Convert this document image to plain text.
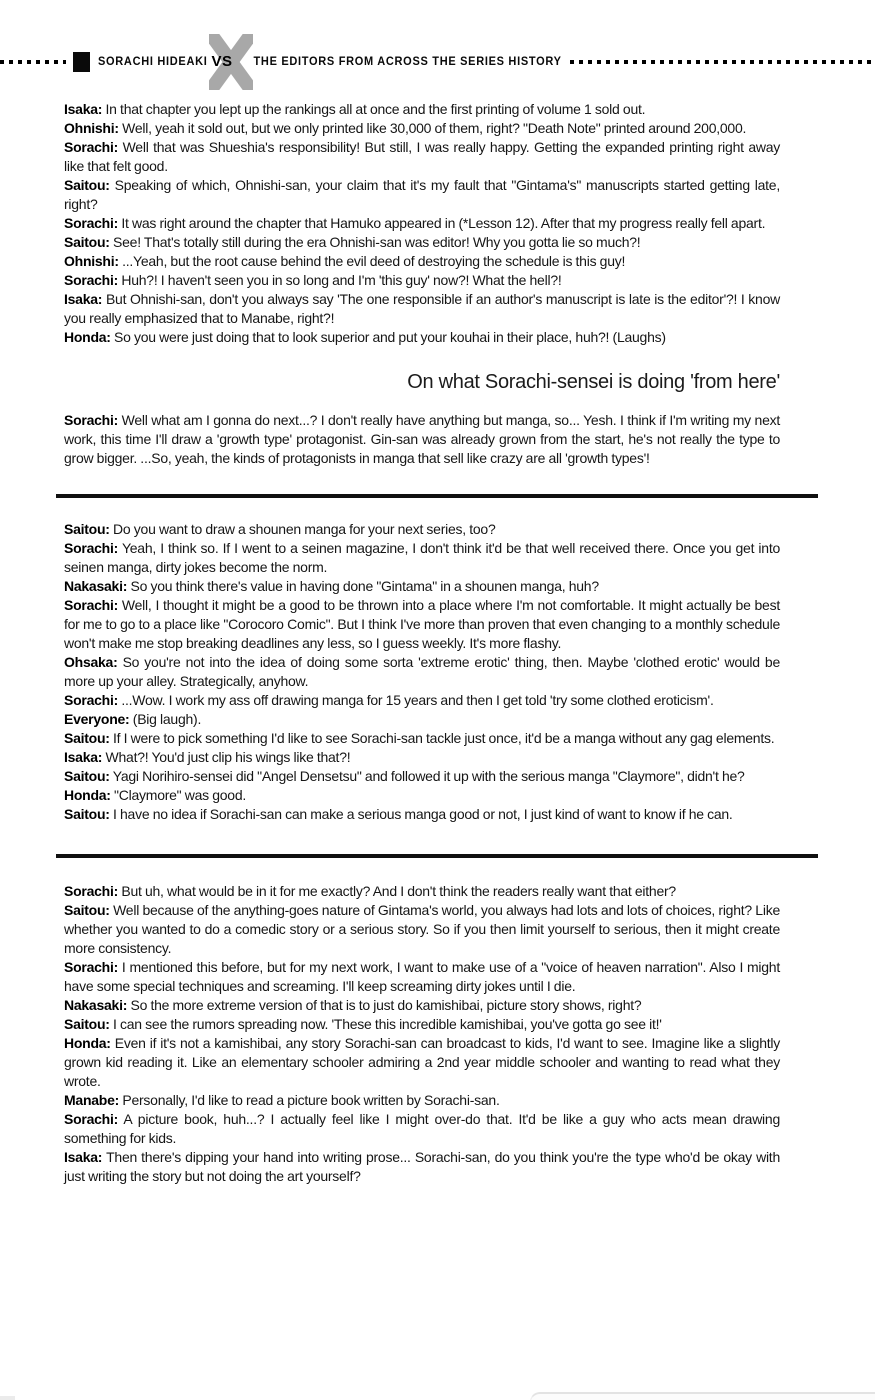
SORACHI HIDEAKI VS THE EDITORS FROM ACROSS THE SERIES HISTORY

Isaka: In that chapter you lept up the rankings all at once and the first printing of volume 1 sold out.

Ohnishi: Well, yeah it sold out, but we only printed like 30,000 of them, right? "Death Note" printed around 200,000.

Sorachi: Well that was Shueshia's responsibility! But still, I was really happy. Getting the expanded printing right away like that felt good.

Saitou: Speaking of which, Ohnishi-san, your claim that it's my fault that "Gintama's" manuscripts started getting late, right?

Sorachi: It was right around the chapter that Hamuko appeared in (*Lesson 12). After that my progress really fell apart.

Saitou: See! That's totally still during the era Ohnishi-san was editor! Why you gotta lie so much?!

Ohnishi: ...Yeah, but the root cause behind the evil deed of destroying the schedule is this guy!

Sorachi: Huh?! I haven't seen you in so long and I'm 'this guy' now?! What the hell?!

Isaka: But Ohnishi-san, don't you always say 'The one responsible if an author's manuscript is late is the editor'?! I know you really emphasized that to Manabe, right?!

Honda: So you were just doing that to look superior and put your kouhai in their place, huh?! (Laughs)

On what Sorachi-sensei is doing 'from here'

Sorachi: Well what am I gonna do next...? I don't really have anything but manga, so... Yesh. I think if I'm writing my next work, this time I'll draw a 'growth type' protagonist. Gin-san was already grown from the start, he's not really the type to grow bigger. ...So, yeah, the kinds of protagonists in manga that sell like crazy are all 'growth types'!

Saitou: Do you want to draw a shounen manga for your next series, too?

Sorachi: Yeah, I think so. If I went to a seinen magazine, I don't think it'd be that well received there. Once you get into seinen manga, dirty jokes become the norm.

Nakasaki: So you think there's value in having done "Gintama" in a shounen manga, huh?

Sorachi: Well, I thought it might be a good to be thrown into a place where I'm not comfortable. It might actually be best for me to go to a place like "Corocoro Comic". But I think I've more than proven that even changing to a monthly schedule won't make me stop breaking deadlines any less, so I guess weekly. It's more flashy.

Ohsaka: So you're not into the idea of doing some sorta 'extreme erotic' thing, then. Maybe 'clothed erotic' would be more up your alley. Strategically, anyhow.

Sorachi: ...Wow. I work my ass off drawing manga for 15 years and then I get told 'try some clothed eroticism'.

Everyone: (Big laugh).

Saitou: If I were to pick something I'd like to see Sorachi-san tackle just once, it'd be a manga without any gag elements.

Isaka: What?! You'd just clip his wings like that?!

Saitou: Yagi Norihiro-sensei did "Angel Densetsu" and followed it up with the serious manga "Claymore", didn't he?

Honda: "Claymore" was good.

Saitou: I have no idea if Sorachi-san can make a serious manga good or not, I just kind of want to know if he can.

Sorachi: But uh, what would be in it for me exactly? And I don't think the readers really want that either?

Saitou: Well because of the anything-goes nature of Gintama's world, you always had lots and lots of choices, right? Like whether you wanted to do a comedic story or a serious story. So if you then limit yourself to serious, then it might create more consistency.

Sorachi: I mentioned this before, but for my next work, I want to make use of a "voice of heaven narration". Also I might have some special techniques and screaming. I'll keep screaming dirty jokes until I die.

Nakasaki: So the more extreme version of that is to just do kamishibai, picture story shows, right?

Saitou: I can see the rumors spreading now. 'These this incredible kamishibai, you've gotta go see it!'

Honda: Even if it's not a kamishibai, any story Sorachi-san can broadcast to kids, I'd want to see. Imagine like a slightly grown kid reading it. Like an elementary schooler admiring a 2nd year middle schooler and wanting to read what they wrote.

Manabe: Personally, I'd like to read a picture book written by Sorachi-san.

Sorachi: A picture book, huh...? I actually feel like I might over-do that. It'd be like a guy who acts mean drawing something for kids.

Isaka: Then there's dipping your hand into writing prose... Sorachi-san, do you think you're the type who'd be okay with just writing the story but not doing the art yourself?
